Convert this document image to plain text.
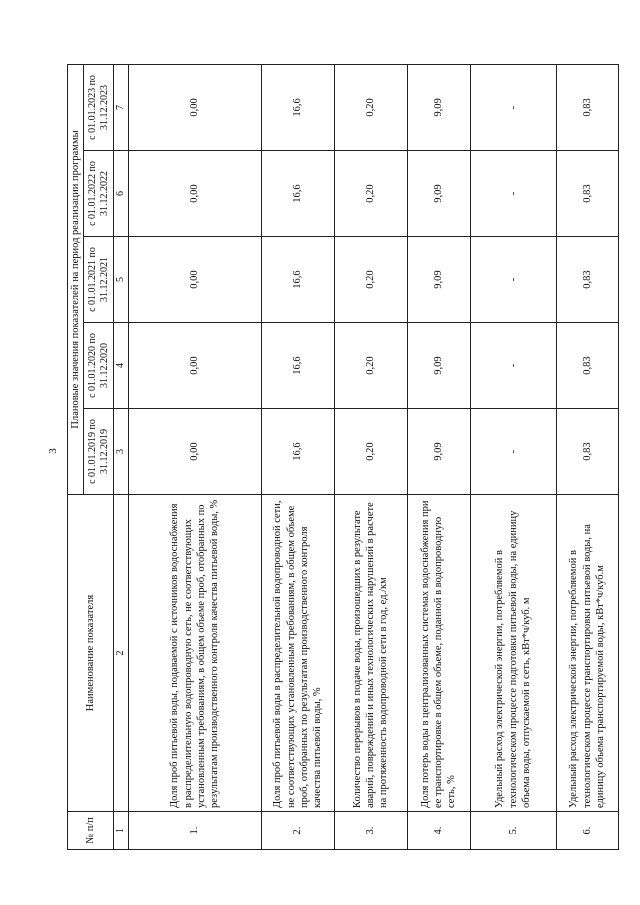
3
№ п/п	Наименование показателя	Плановые значения показателей на период реализации программы				
		с 01.01.2019 по 31.12.2019	с 01.01.2020 по 31.12.2020	с 01.01.2021 по 31.12.2021	с 01.01.2022 по 31.12.2022	с 01.01.2023 по 31.12.2023
1	2	3	4	5	6	7
1.	Доля проб питьевой воды, подаваемой с источников водоснабжения в распределительную водопроводную сеть, не соответствующих установленным требованиям, в общем объеме проб, отобранных по результатам производственного контроля качества питьевой воды, %	0,00	0,00	0,00	0,00	0,00
2.	Доля проб питьевой воды в распределительной водопроводной сети, не соответствующих установленным требованиям, в общем объеме проб, отобранных по результатам производственного контроля качества питьевой воды, %	16,6	16,6	16,6	16,6	16,6
3.	Количество перерывов в подаче воды, произошедших в результате аварий, повреждений и иных технологических нарушений в расчете на протяженность водопроводной сети в год, ед./км	0,20	0,20	0,20	0,20	0,20
4.	Доля потерь воды в централизованных системах водоснабжения при ее транспортировке в общем объеме, поданной в водопроводную сеть, %	9,09	9,09	9,09	9,09	9,09
5.	Удельный расход электрической энергии, потребляемой в технологическом процессе подготовки питьевой воды, на единицу объема воды, отпускаемой в сеть, кВт*ч/куб. м	-	-	-	-	-
6.	Удельный расход электрической энергии, потребляемой в технологическом процессе транспортировки питьевой воды, на единицу объема транспортируемой воды, кВт*ч/куб.м	0,83	0,83	0,83	0,83	0,83
